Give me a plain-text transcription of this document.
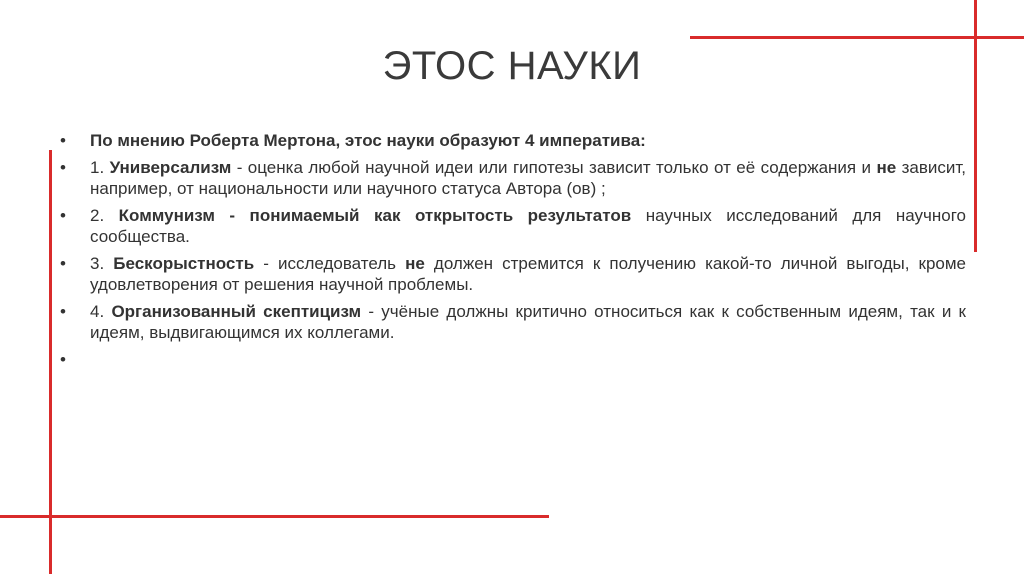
ЭТОС НАУКИ
• По мнению Роберта Мертона, этос науки образуют 4 императива:
• 1. Универсализм - оценка любой научной идеи или гипотезы зависит только от её содержания и не зависит, например, от национальности или научного статуса Автора (ов) ;
• 2. Коммунизм - понимаемый как открытость результатов научных исследований для научного сообщества.
• 3. Бескорыстность - исследователь не должен стремится к получению какой-то личной выгоды, кроме удовлетворения от решения научной проблемы.
• 4. Организованный скептицизм - учёные должны критично относиться как к собственным идеям, так и к идеям, выдвигающимся их коллегами.
•
